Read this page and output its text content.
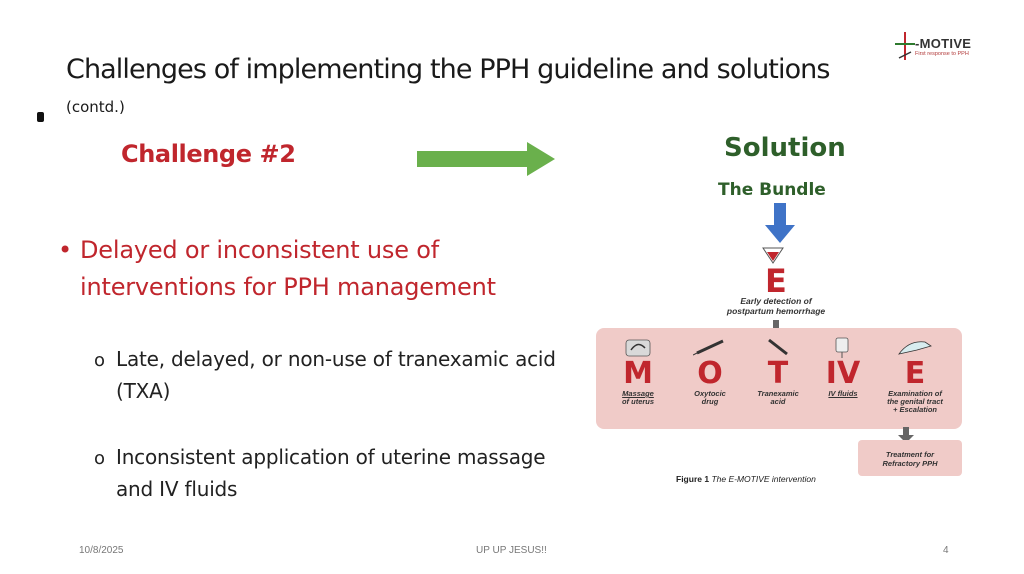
-MOTIVE
First response to PPH
Challenges of implementing the PPH guideline and solutions
(contd.)
Challenge #2
• Delayed or inconsistent use of interventions for PPH management
o Late, delayed, or non-use of tranexamic acid (TXA)
o Inconsistent application of uterine massage and IV fluids
Solution
The Bundle
E
Early detection of
postpartum hemorrhage
M
Massage
of uterus
O
Oxytocic
drug
T
Tranexamic
acid
IV
IV fluids
E
Examination of
the genital tract
+ Escalation
Treatment for
Refractory PPH
Figure 1 The E-MOTIVE intervention
10/8/2025	UP UP JESUS!!	4
